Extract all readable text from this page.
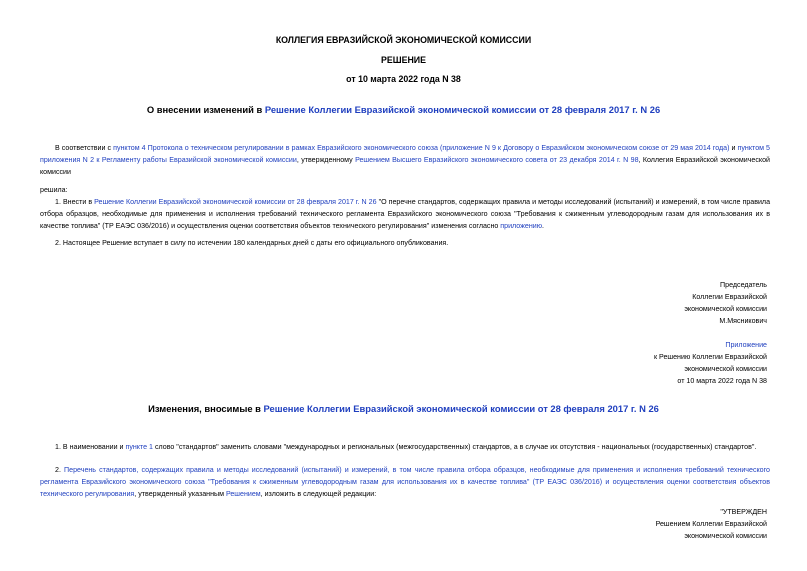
КОЛЛЕГИЯ ЕВРАЗИЙСКОЙ ЭКОНОМИЧЕСКОЙ КОМИССИИ
РЕШЕНИЕ
от 10 марта 2022 года N 38
О внесении изменений в Решение Коллегии Евразийской экономической комиссии от 28 февраля 2017 г. N 26
В соответствии с пунктом 4 Протокола о техническом регулировании в рамках Евразийского экономического союза (приложение N 9 к Договору о Евразийском экономическом союзе от 29 мая 2014 года) и пунктом 5 приложения N 2 к Регламенту работы Евразийской экономической комиссии, утвержденному Решением Высшего Евразийского экономического совета от 23 декабря 2014 г. N 98, Коллегия Евразийской экономической комиссии
решила:
1. Внести в Решение Коллегии Евразийской экономической комиссии от 28 февраля 2017 г. N 26 "О перечне стандартов, содержащих правила и методы исследований (испытаний) и измерений, в том числе правила отбора образцов, необходимые для применения и исполнения требований технического регламента Евразийского экономического союза "Требования к сжиженным углеводородным газам для использования их в качестве топлива" (ТР ЕАЭС 036/2016) и осуществления оценки соответствия объектов технического регулирования" изменения согласно приложению.
2. Настоящее Решение вступает в силу по истечении 180 календарных дней с даты его официального опубликования.
Председатель
Коллегии Евразийской
экономической комиссии
М.Мясникович
Приложение
к Решению Коллегии Евразийской
экономической комиссии
от 10 марта 2022 года N 38
Изменения, вносимые в Решение Коллегии Евразийской экономической комиссии от 28 февраля 2017 г. N 26
1. В наименовании и пункте 1 слово "стандартов" заменить словами "международных и региональных (межгосударственных) стандартов, а в случае их отсутствия - национальных (государственных) стандартов".
2. Перечень стандартов, содержащих правила и методы исследований (испытаний) и измерений, в том числе правила отбора образцов, необходимые для применения и исполнения требований технического регламента Евразийского экономического союза "Требования к сжиженным углеводородным газам для использования их в качестве топлива" (ТР ЕАЭС 036/2016) и осуществления оценки соответствия объектов технического регулирования, утвержденный указанным Решением, изложить в следующей редакции:
"УТВЕРЖДЕН
Решением Коллегии Евразийской
экономической комиссии
